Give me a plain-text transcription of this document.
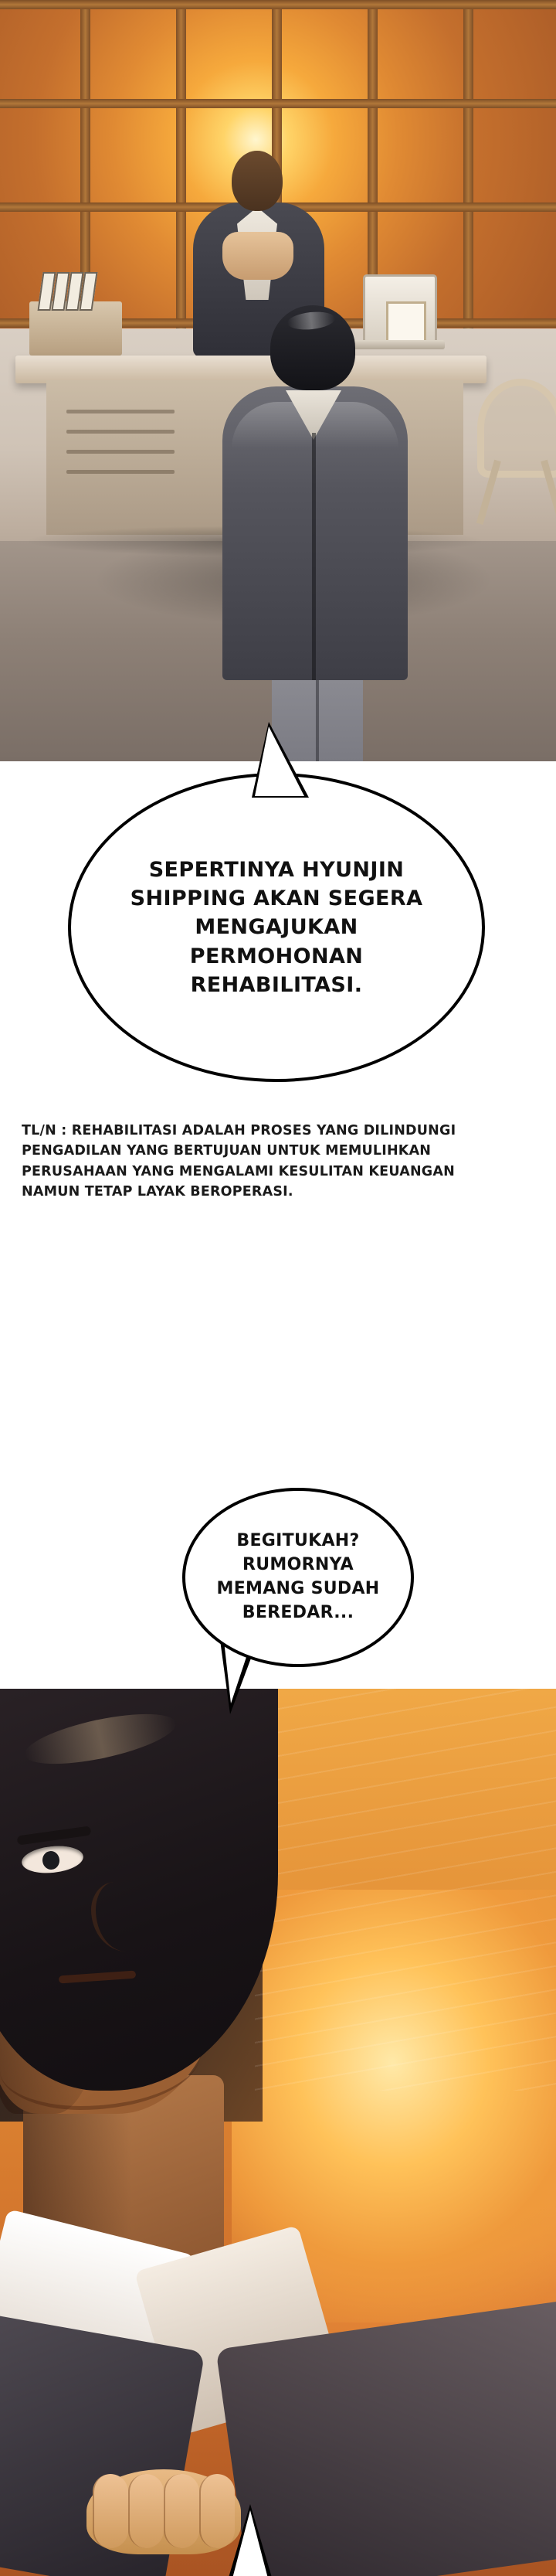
SEPERTINYA HYUNJIN SHIPPING AKAN SEGERA MENGAJUKAN PERMOHONAN REHABILITASI.
TL/N : REHABILITASI ADALAH PROSES YANG DILINDUNGI PENGADILAN YANG BERTUJUAN UNTUK MEMULIHKAN PERUSAHAAN YANG MENGALAMI KESULITAN KEUANGAN NAMUN TETAP LAYAK BEROPERASI.
BEGITUKAH? RUMORNYA MEMANG SUDAH BEREDAR...
